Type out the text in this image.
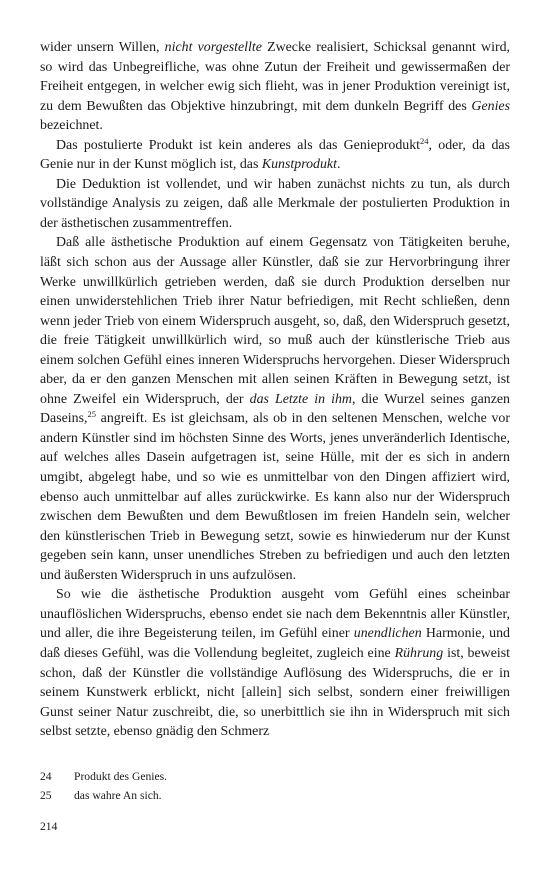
wider unsern Willen, nicht vorgestellte Zwecke realisiert, Schicksal genannt wird, so wird das Unbegreifliche, was ohne Zutun der Freiheit und gewissermaßen der Freiheit entgegen, in welcher ewig sich flieht, was in jener Produktion vereinigt ist, zu dem Bewußten das Objektive hinzubringt, mit dem dunkeln Begriff des Genies bezeichnet.

Das postulierte Produkt ist kein anderes als das Genieprodukt$^{24}$, oder, da das Genie nur in der Kunst möglich ist, das Kunstprodukt.

Die Deduktion ist vollendet, und wir haben zunächst nichts zu tun, als durch vollständige Analysis zu zeigen, daß alle Merkmale der postulierten Produktion in der ästhetischen zusammentreffen.

Daß alle ästhetische Produktion auf einem Gegensatz von Tätigkeiten beruhe, läßt sich schon aus der Aussage aller Künstler, daß sie zur Hervorbringung ihrer Werke unwillkürlich getrieben werden, daß sie durch Produktion derselben nur einen unwiderstehlichen Trieb ihrer Natur befriedigen, mit Recht schließen, denn wenn jeder Trieb von einem Widerspruch ausgeht, so, daß, den Widerspruch gesetzt, die freie Tätigkeit unwillkürlich wird, so muß auch der künstlerische Trieb aus einem solchen Gefühl eines inneren Widerspruchs hervorgehen. Dieser Widerspruch aber, da er den ganzen Menschen mit allen seinen Kräften in Bewegung setzt, ist ohne Zweifel ein Widerspruch, der das Letzte in ihm, die Wurzel seines ganzen Daseins,$^{25}$ angreift. Es ist gleichsam, als ob in den seltenen Menschen, welche vor andern Künstler sind im höchsten Sinne des Worts, jenes unveränderlich Identische, auf welches alles Dasein aufgetragen ist, seine Hülle, mit der es sich in andern umgibt, abgelegt habe, und so wie es unmittelbar von den Dingen affiziert wird, ebenso auch unmittelbar auf alles zurückwirke. Es kann also nur der Widerspruch zwischen dem Bewußten und dem Bewußtlosen im freien Handeln sein, welcher den künstlerischen Trieb in Bewegung setzt, sowie es hinwiederum nur der Kunst gegeben sein kann, unser unendliches Streben zu befriedigen und auch den letzten und äußersten Widerspruch in uns aufzulösen.

So wie die ästhetische Produktion ausgeht vom Gefühl eines scheinbar unauflöslichen Widerspruchs, ebenso endet sie nach dem Bekenntnis aller Künstler, und aller, die ihre Begeisterung teilen, im Gefühl einer unendlichen Harmonie, und daß dieses Gefühl, was die Vollendung begleitet, zugleich eine Rührung ist, beweist schon, daß der Künstler die vollständige Auflösung des Widerspruchs, die er in seinem Kunstwerk erblickt, nicht [allein] sich selbst, sondern einer freiwilligen Gunst seiner Natur zuschreibt, die, so unerbittlich sie ihn in Widerspruch mit sich selbst setzte, ebenso gnädig den Schmerz

24	Produkt des Genies.
25	das wahre An sich.
214
